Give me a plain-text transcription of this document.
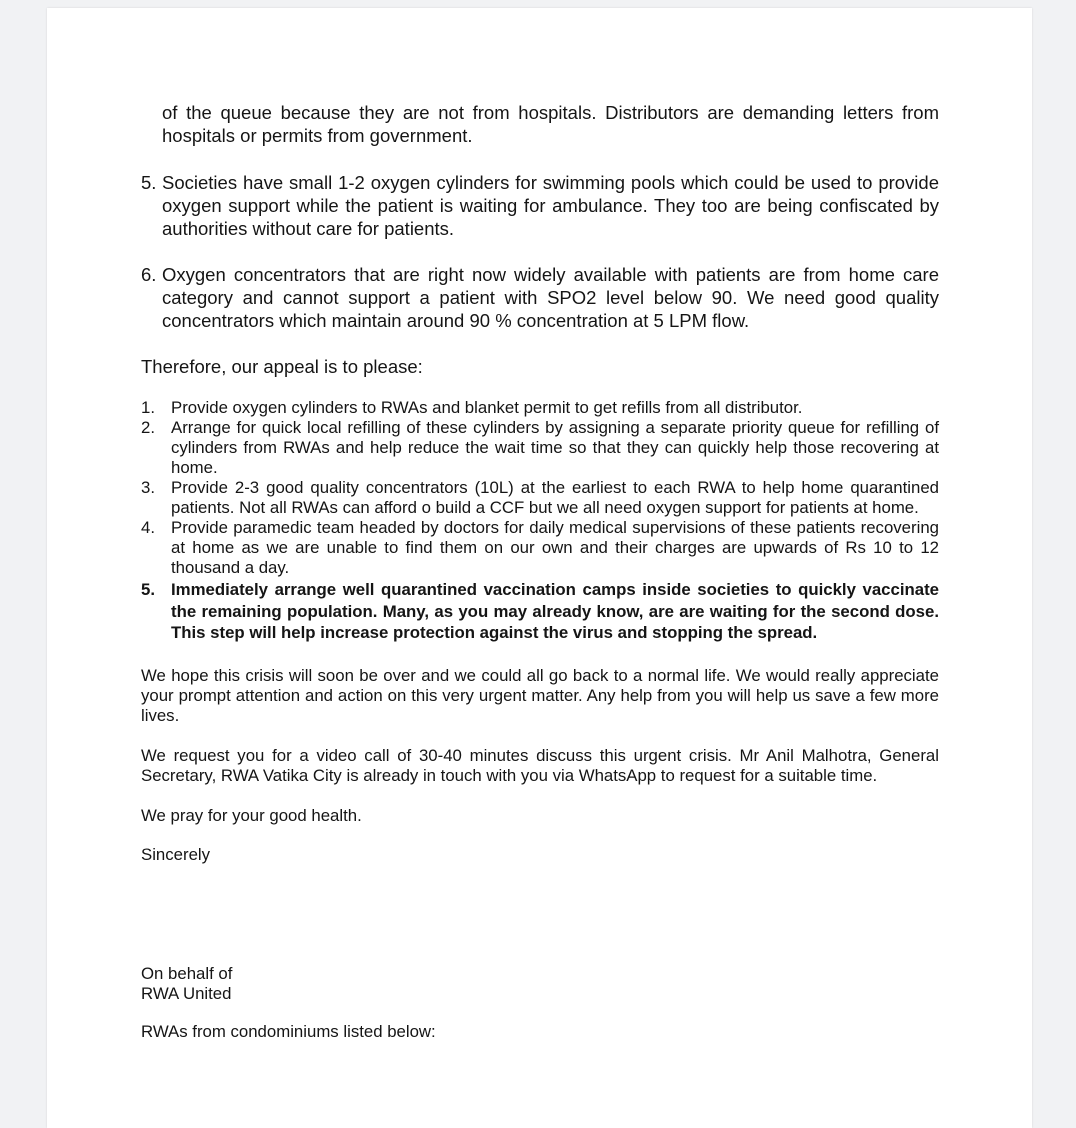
of the queue because they are not from hospitals. Distributors are demanding letters from hospitals or permits from government.

5. Societies have small 1-2 oxygen cylinders for swimming pools which could be used to provide oxygen support while the patient is waiting for ambulance. They too are being confiscated by authorities without care for patients.
6. Oxygen concentrators that are right now widely available with patients are from home care category and cannot support a patient with SPO2 level below 90. We need good quality concentrators which maintain around 90 % concentration at 5 LPM flow.

Therefore, our appeal is to please:

1. Provide oxygen cylinders to RWAs and blanket permit to get refills from all distributor.
2. Arrange for quick local refilling of these cylinders by assigning a separate priority queue for refilling of cylinders from RWAs and help reduce the wait time so that they can quickly help those recovering at home.
3. Provide 2-3 good quality concentrators (10L) at the earliest to each RWA to help home quarantined patients. Not all RWAs can afford o build a CCF but we all need oxygen support for patients at home.
4. Provide paramedic team headed by doctors for daily medical supervisions of these patients recovering at home as we are unable to find them on our own and their charges are upwards of Rs 10 to 12 thousand a day.
5. Immediately arrange well quarantined vaccination camps inside societies to quickly vaccinate the remaining population. Many, as you may already know, are are waiting for the second dose. This step will help increase protection against the virus and stopping the spread.

We hope this crisis will soon be over and we could all go back to a normal life. We would really appreciate your prompt attention and action on this very urgent matter. Any help from you will help us save a few more lives.

We request you for a video call of 30-40 minutes discuss this urgent crisis. Mr Anil Malhotra, General Secretary, RWA Vatika City is already in touch with you via WhatsApp to request for a suitable time.

We pray for your good health.

Sincerely

On behalf of

RWA United

RWAs from condominiums listed below:
